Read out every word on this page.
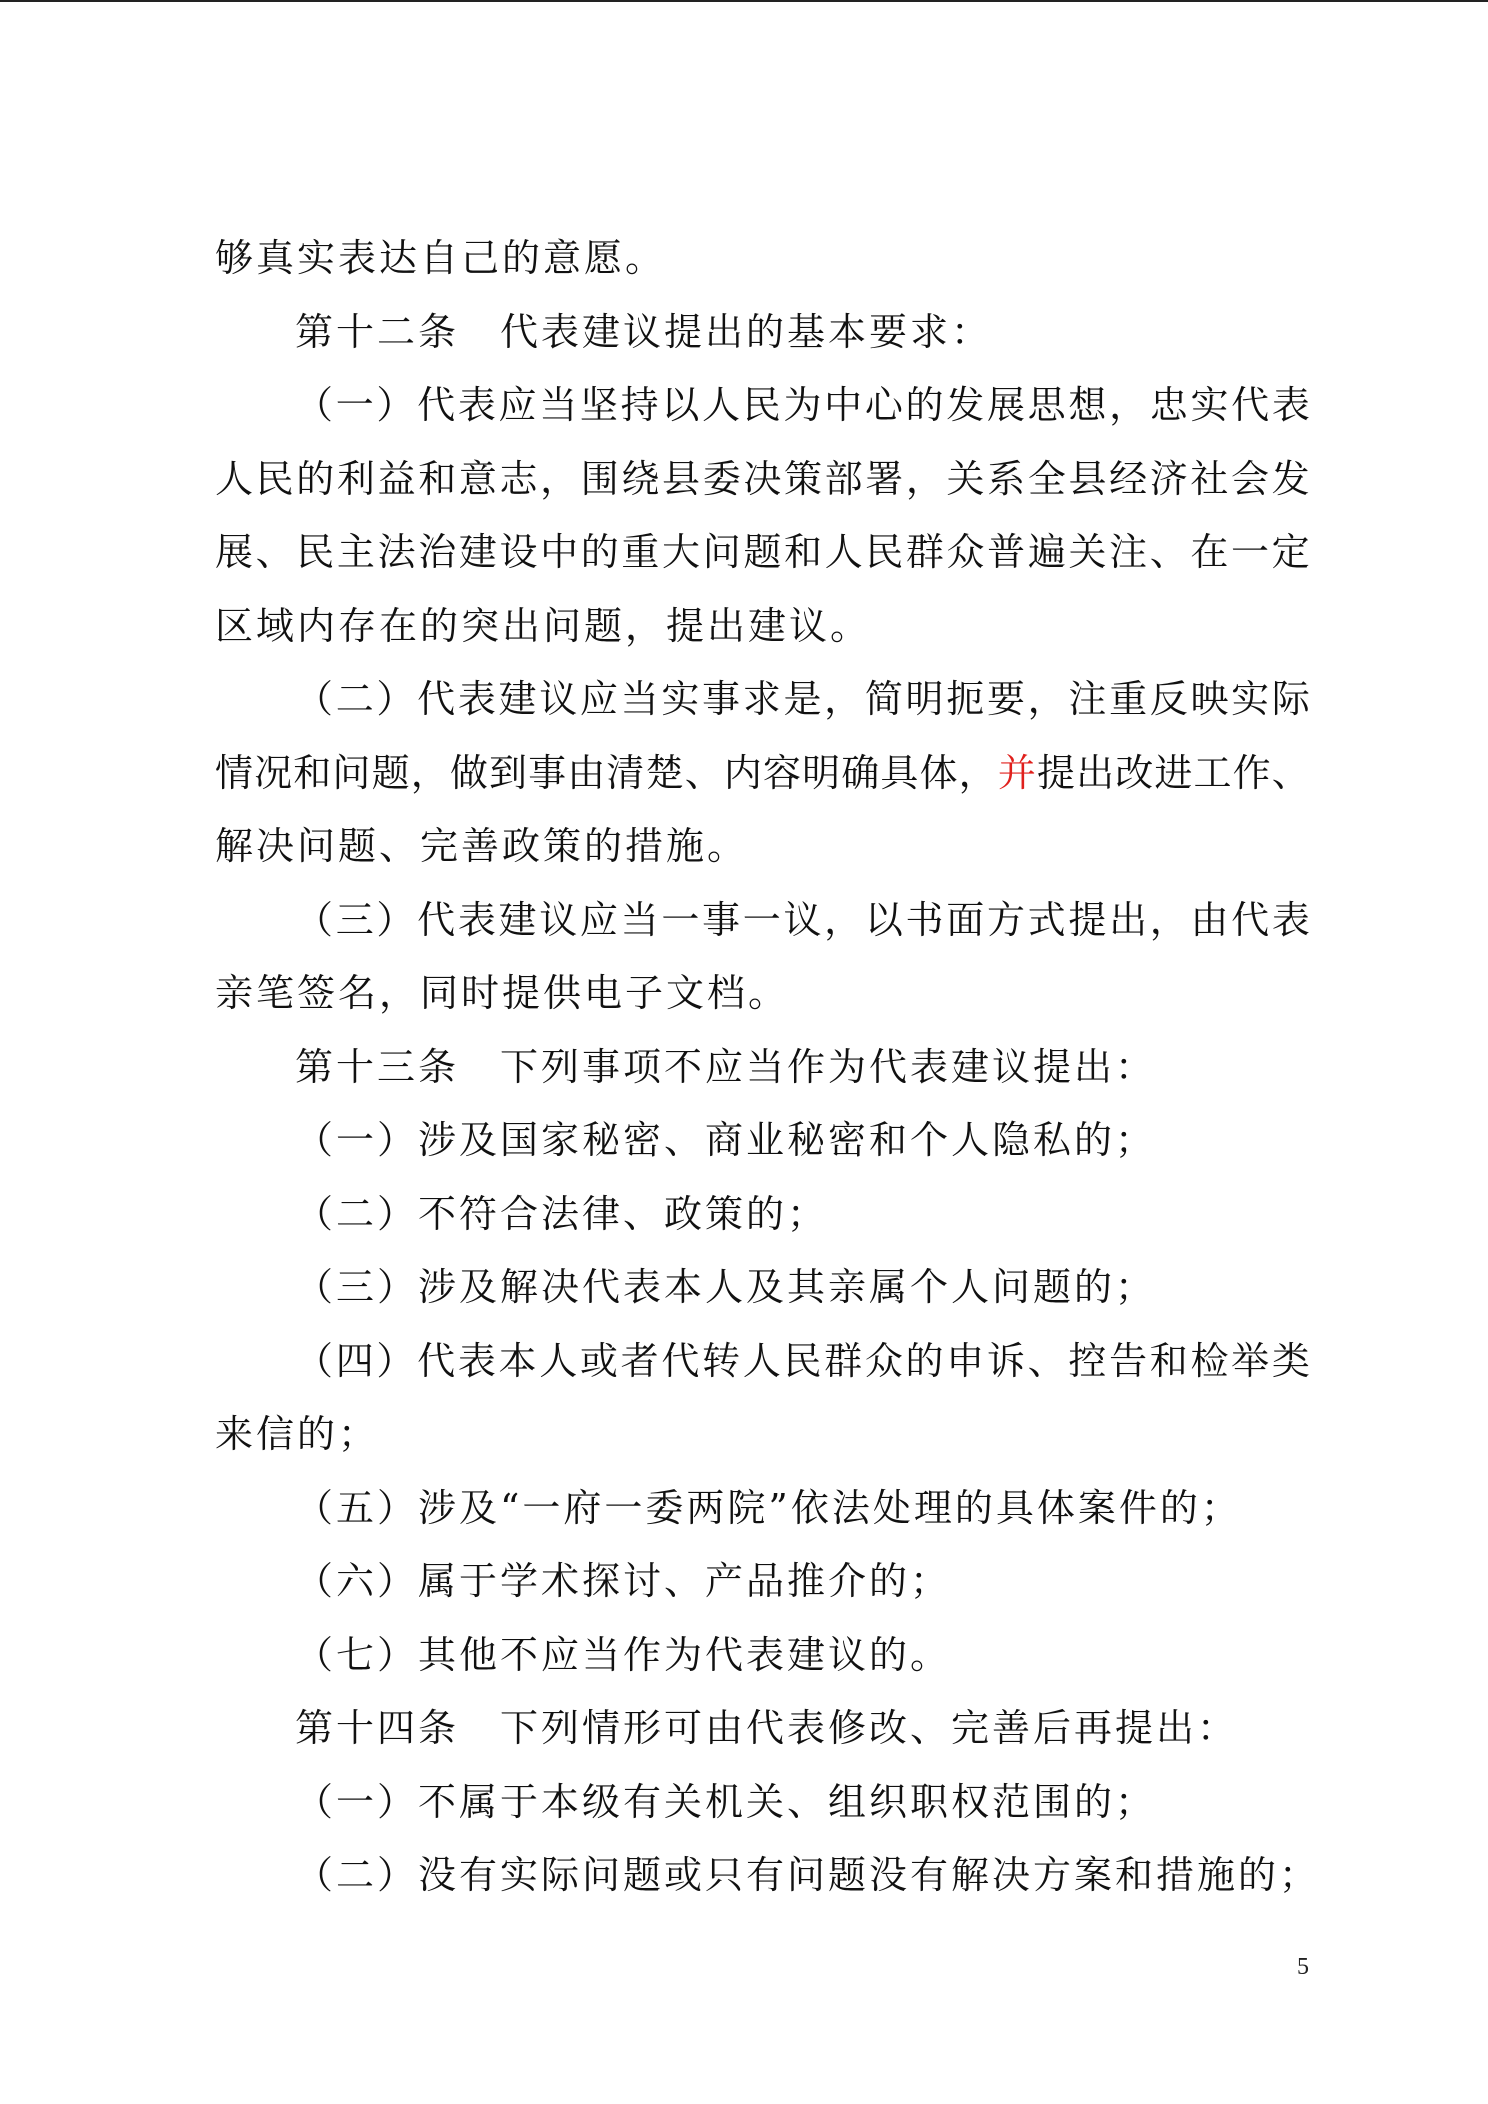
够真实表达自己的意愿。
第十二条　代表建议提出的基本要求：
（ 一 ） 代 表 应 当 坚 持 以 人 民 为 中 心 的 发 展 思 想 ， 忠 实 代 表
人 民 的 利 益 和 意 志 ， 围 绕 县 委 决 策 部 署 ， 关 系 全 县 经 济 社 会 发
展 、 民 主 法 治 建 设 中 的 重 大 问 题 和 人 民 群 众 普 遍 关 注 、 在 一 定
区域内存在的突出问题，提出建议。
（ 二 ） 代 表 建 议 应 当 实 事 求 是 ， 简 明 扼 要 ， 注 重 反 映 实 际
情 况 和 问 题 ， 做 到 事 由 清 楚 、 内 容 明 确 具 体 ， 并 提 出 改 进 工 作 、
解决问题、完善政策的措施。
（ 三 ） 代 表 建 议 应 当 一 事 一 议 ， 以 书 面 方 式 提 出 ， 由 代 表
亲笔签名，同时提供电子文档。
第十三条　下列事项不应当作为代表建议提出：
（一）涉及国家秘密、商业秘密和个人隐私的；
（二）不符合法律、政策的；
（三）涉及解决代表本人及其亲属个人问题的；
（ 四 ） 代 表 本 人 或 者 代 转 人 民 群 众 的 申 诉 、 控 告 和 检 举 类
来信的；
（五）涉及“一府一委两院”依法处理的具体案件的；
（六）属于学术探讨、产品推介的；
（七）其他不应当作为代表建议的。
第十四条　下列情形可由代表修改、完善后再提出：
（一）不属于本级有关机关、组织职权范围的；
（二）没有实际问题或只有问题没有解决方案和措施的；
5
